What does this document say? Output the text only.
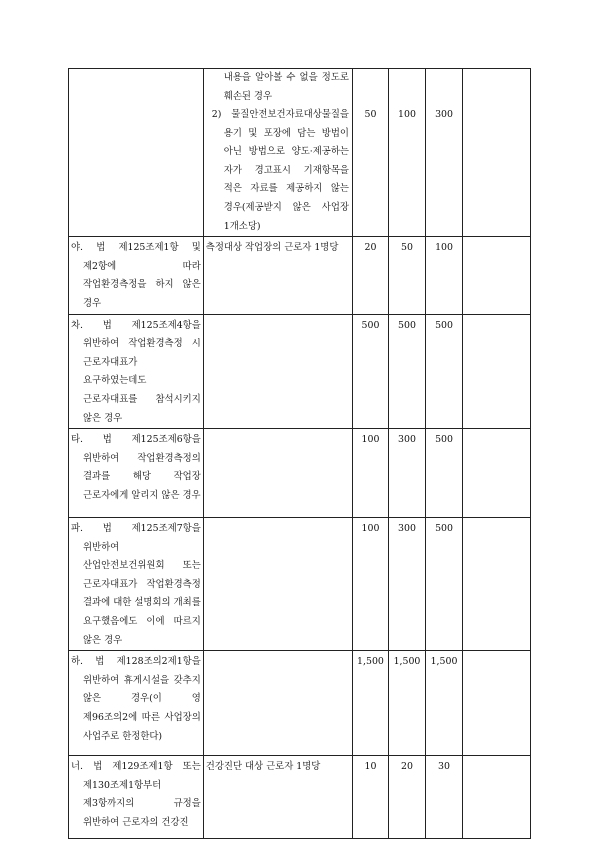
	내용을 알아볼 수 없을 정도로 훼손된 경우
2) 물질안전보건자료대상물질을 용기 및 포장에 담는 방법이 아닌 방법으로 양도·제공하는 자가 경고표시 기재항목을 적은 자료를 제공하지 않는 경우(제공받지 않은 사업장 1개소당)	50	100	300	

야. 법 제125조제1항 및 제2항에 따라 작업환경측정을 하지 않은 경우	측정대상 작업장의 근로자 1명당	20	50	100	
차. 법 제125조제4항을 위반하여 작업환경측정 시 근로자대표가 요구하였는데도 근로자대표를 참석시키지 않은 경우		500	500	500	
타. 법 제125조제6항을 위반하여 작업환경측정의 결과를 해당 작업장 근로자에게 알리지 않은 경우		100	300	500	
파. 법 제125조제7항을 위반하여 산업안전보건위원회 또는 근로자대표가 작업환경측정 결과에 대한 설명회의 개최를 요구했음에도 이에 따르지 않은 경우		100	300	500	
하. 법 제128조의2제1항을 위반하여 휴게시설을 갖추지 않은 경우(이 영 제96조의2에 따른 사업장의 사업주로 한정한다)		1,500	1,500	1,500	
너. 법 제129조제1항 또는 제130조제1항부터 제3항까지의 규정을 위반하여 근로자의 건강진	건강진단 대상 근로자 1명당	10	20	30	
